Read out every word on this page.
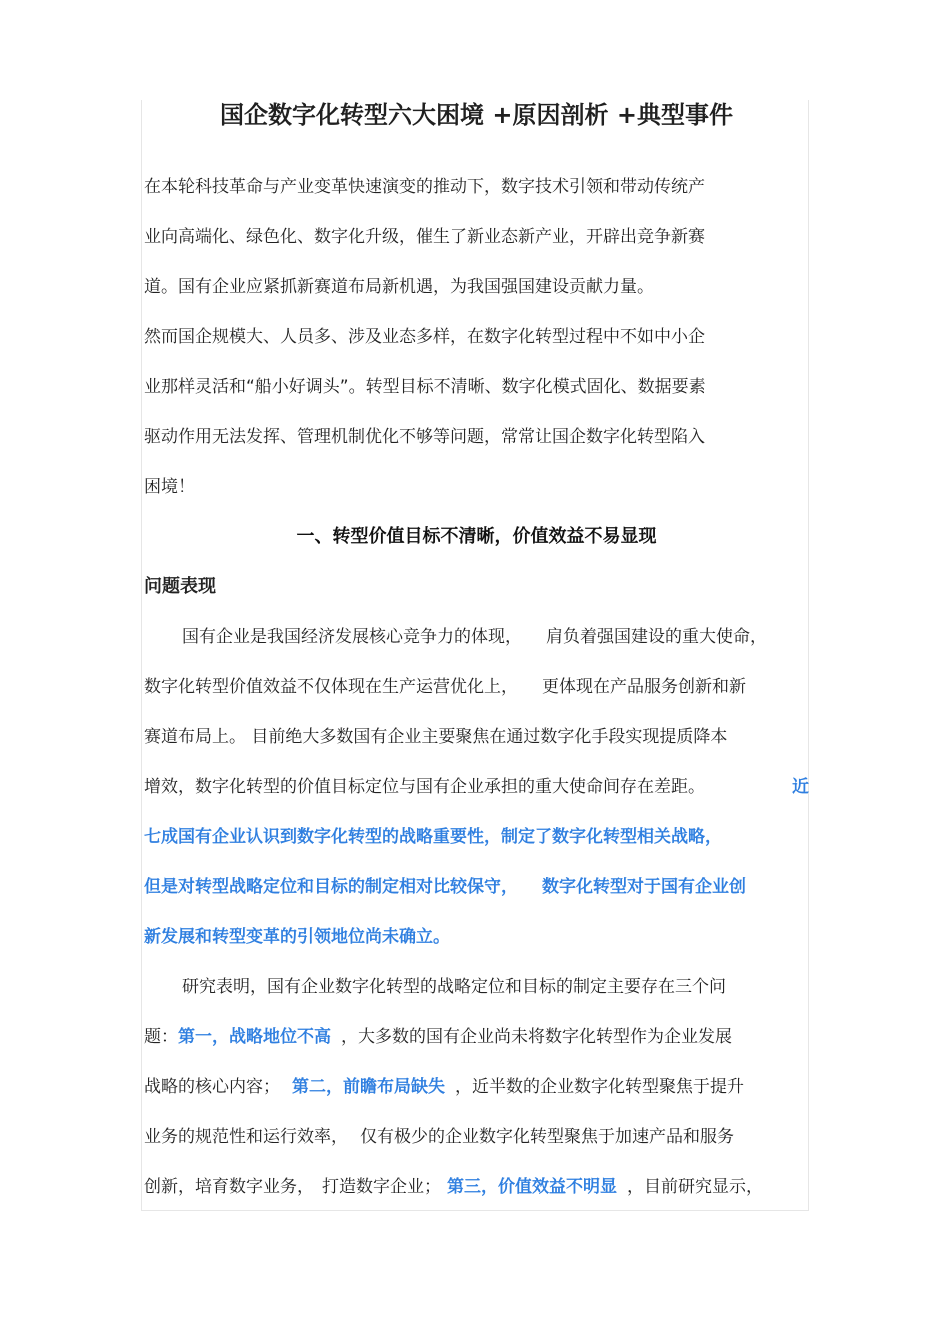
国企数字化转型六大困境 +原因剖析 +典型事件
在本轮科技革命与产业变革快速演变的推动下，数字技术引领和带动传统产
业向高端化、绿色化、数字化升级，催生了新业态新产业，开辟出竞争新赛
道。国有企业应紧抓新赛道布局新机遇，为我国强国建设贡献力量。
然而国企规模大、人员多、涉及业态多样，在数字化转型过程中不如中小企
业那样灵活和“船小好调头”。转型目标不清晰、数字化模式固化、数据要素
驱动作用无法发挥、管理机制优化不够等问题，常常让国企数字化转型陷入
困境！
一、转型价值目标不清晰，价值效益不易显现
问题表现
国有企业是我国经济发展核心竞争力的体现， 肩负着强国建设的重大使命，
数字化转型价值效益不仅体现在生产运营优化上， 更体现在产品服务创新和新
赛道布局上。 目前绝大多数国有企业主要聚焦在通过数字化手段实现提质降本
增效，数字化转型的价值目标定位与国有企业承担的重大使命间存在差距。	近
七成国有企业认识到数字化转型的战略重要性，制定了数字化转型相关战略，
但是对转型战略定位和目标的制定相对比较保守， 数字化转型对于国有企业创
新发展和转型变革的引领地位尚未确立。
研究表明，国有企业数字化转型的战略定位和目标的制定主要存在三个问
题：第一，战略地位不高 ，大多数的国有企业尚未将数字化转型作为企业发展
战略的核心内容； 第二，前瞻布局缺失 ，近半数的企业数字化转型聚焦于提升
业务的规范性和运行效率， 仅有极少的企业数字化转型聚焦于加速产品和服务
创新，培育数字业务， 打造数字企业； 第三，价值效益不明显 ，目前研究显示，
